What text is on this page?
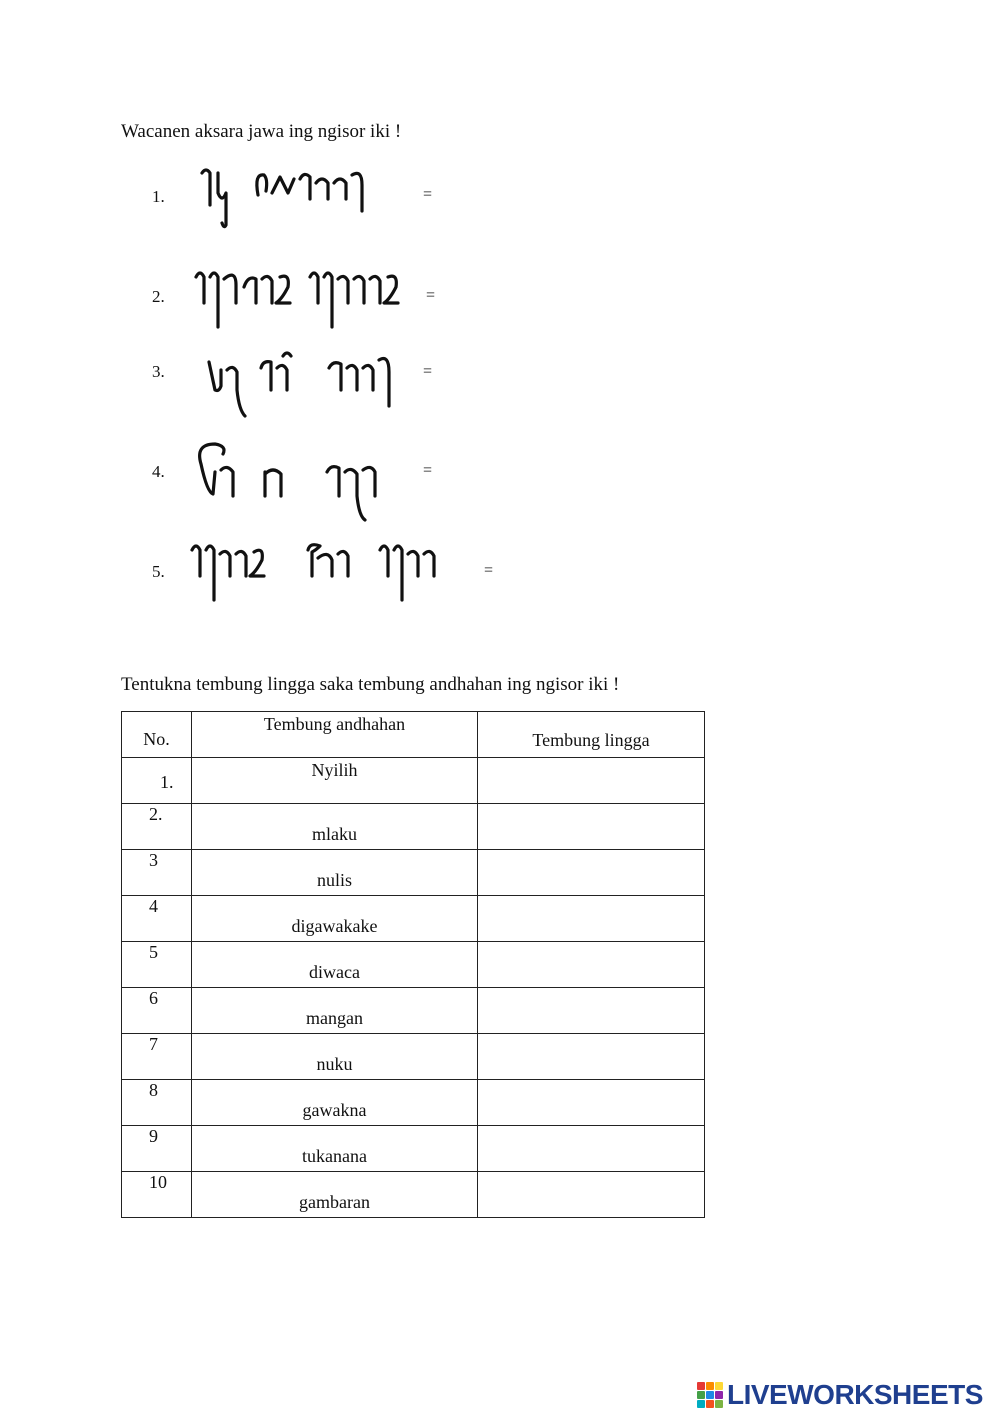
Wacanen aksara jawa ing ngisor iki !
1.	=
2.	=
3.	=
4.	=
5.	=
Tentukna tembung lingga saka tembung andhahan ing ngisor iki !
No.	Tembung andhahan	Tembung lingga

1.	Nyilih	

2.	mlaku	

3	nulis	

4	digawakake	

5	diwaca	

6	mangan	

7	nuku	

8	gawakna	

9	tukanana	

10	gambaran	

LIVEWORKSHEETS
